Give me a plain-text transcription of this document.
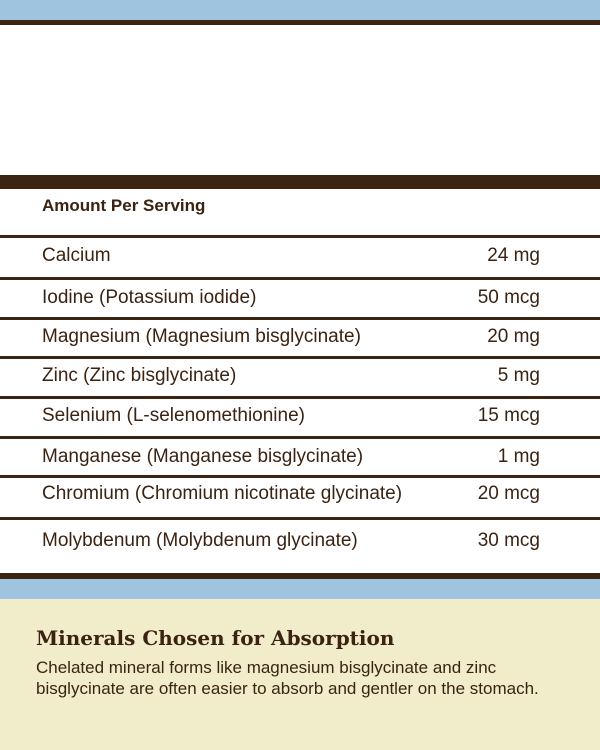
Amount Per Serving
Calcium	24 mg
Iodine (Potassium iodide)	50 mcg
Magnesium (Magnesium bisglycinate)	20 mg
Zinc (Zinc bisglycinate)	5 mg
Selenium (L-selenomethionine)	15 mcg
Manganese (Manganese bisglycinate)	1 mg
Chromium (Chromium nicotinate glycinate)	20 mcg
Molybdenum (Molybdenum glycinate)	30 mcg
Minerals Chosen for Absorption
Chelated mineral forms like magnesium bisglycinate and zinc bisglycinate are often easier to absorb and gentler on the stomach.
